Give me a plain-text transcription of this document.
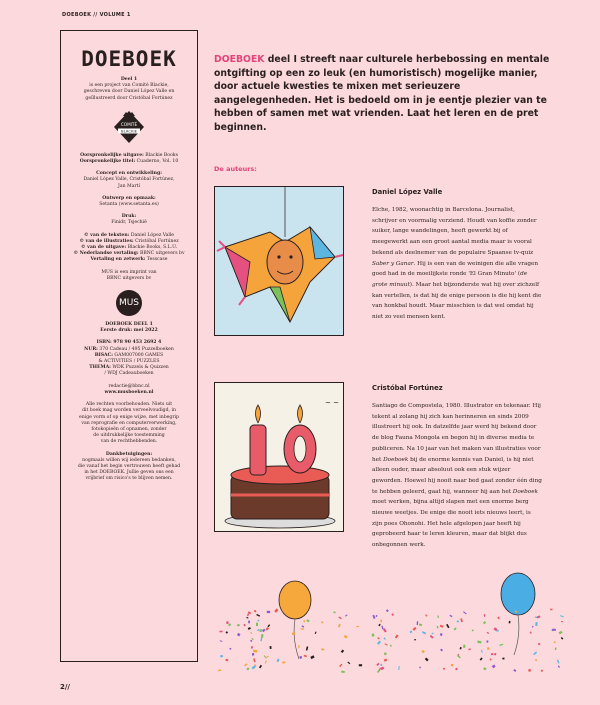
DOEBOEK // VOLUME 1
DOEBOEK
Deel 1
is een project van Comité Blackie,
geschreven door Daniel López Valle en
geïllustreerd door Cristóbal Fortúnez
COMITÉ
BLACKIE
Oorspronkelijke uitgave: Blackie Books
Oorspronkelijke titel: Cuaderno, Vol. 10
Concept en ontwikkeling:
Daniel López Valle, Cristóbal Fortúnez,
Jan Martí
Ontwerp en opmaak:
Setanta (www.setanta.es)
Druk:
Finidr, Tsjechië
© van de teksten: Daniel López Valle
© van de illustraties: Cristóbal Fortúnez
© van de uitgave: Blackie Books, S.L.U.
© Nederlandse vertaling: BBNC uitgevers bv
Vertaling en zetwerk: Tesscase
MUS is een imprint van
BBNC uitgevers bv
MUS
DOEBOEK DEEL 1
Eerste druk: mei 2022
ISBN: 978 90 453 2692 4
NUR: 370 Cadeau / 495 Puzzelboeken
BISAC: GAM007000 GAMES
& ACTIVITIES / PUZZLES
THEMA: WDK Puzzels & Quizzen
/ WDJ Cadeauboeken
redactie@bbnc.nl
www.musboeken.nl
Alle rechten voorbehouden. Niets uit
dit boek mag worden verveelvoudigd, in
enige vorm of op enige wijze, met inbegrip
van reprografie en computerverwerking,
fotokopieën of opnamen, zonder
de uitdrukkelijke toestemming
van de rechthebbenden.
Dankbetuigingen:
nogmaals willen wij iedereen bedanken,
die vanaf het begin vertrouwen heeft gehad
in het DOEBOEK. Jullie geven ons een
vrijbrief om risico's te blijven nemen.
DOEBOEK deel I streeft naar culturele herbebossing en mentale ontgifting op een zo leuk (en humoristisch) mogelijke manier, door actuele kwesties te mixen met serieuzere aangelegenheden. Het is bedoeld om in je eentje plezier van te hebben of samen met wat vrienden. Laat het leren en de pret beginnen.
De auteurs:
Daniel López Valle
Elche, 1982, woonachtig in Barcelona. Journalist, schrijver en voormalig verziend. Houdt van koffie zonder suiker, lange wandelingen, heeft gewerkt bij of meegewerkt aan een groot aantal media maar is vooral bekend als deelnemer van de populaire Spaanse tv-quiz Saber y Ganar. Hij is een van de weinigen die alle vragen goed had in de moeilijkste ronde 'El Gran Minuto' (de grote minuut). Maar het bijzonderste wat hij over zichzelf kan vertellen, is dat hij de enige persoon is die hij kent die van honkbal houdt. Maar misschien is dat wel omdat hij niet zo veel mensen kent.
~ ~
Cristóbal Fortúnez
Santiago de Compostela, 1980. Illustrator en tekenaar. Hij tekent al zolang hij zich kan herinneren en sinds 2009 illustreert hij ook. In datzelfde jaar werd hij bekend door de blog Fauna Mongola en begon hij in diverse media te publiceren. Na 10 jaar van het maken van illustraties voor het Doeboek bij de enorme kennis van Daniel, is hij niet alleen ouder, maar absoluut ook een stuk wijzer geworden. Hoewel hij nooit naar bed gaat zonder één ding te hebben geleerd, gaat hij, wanneer hij aan het Doeboek moet werken, bijna altijd slapen met een enorme berg nieuwe weetjes. De enige die nooit iets nieuws leert, is zijn poes Ohonohi. Het hele afgelopen jaar heeft hij geprobeerd haar te leren kleuren, maar dat blijkt dus onbegonnen werk.
2//
